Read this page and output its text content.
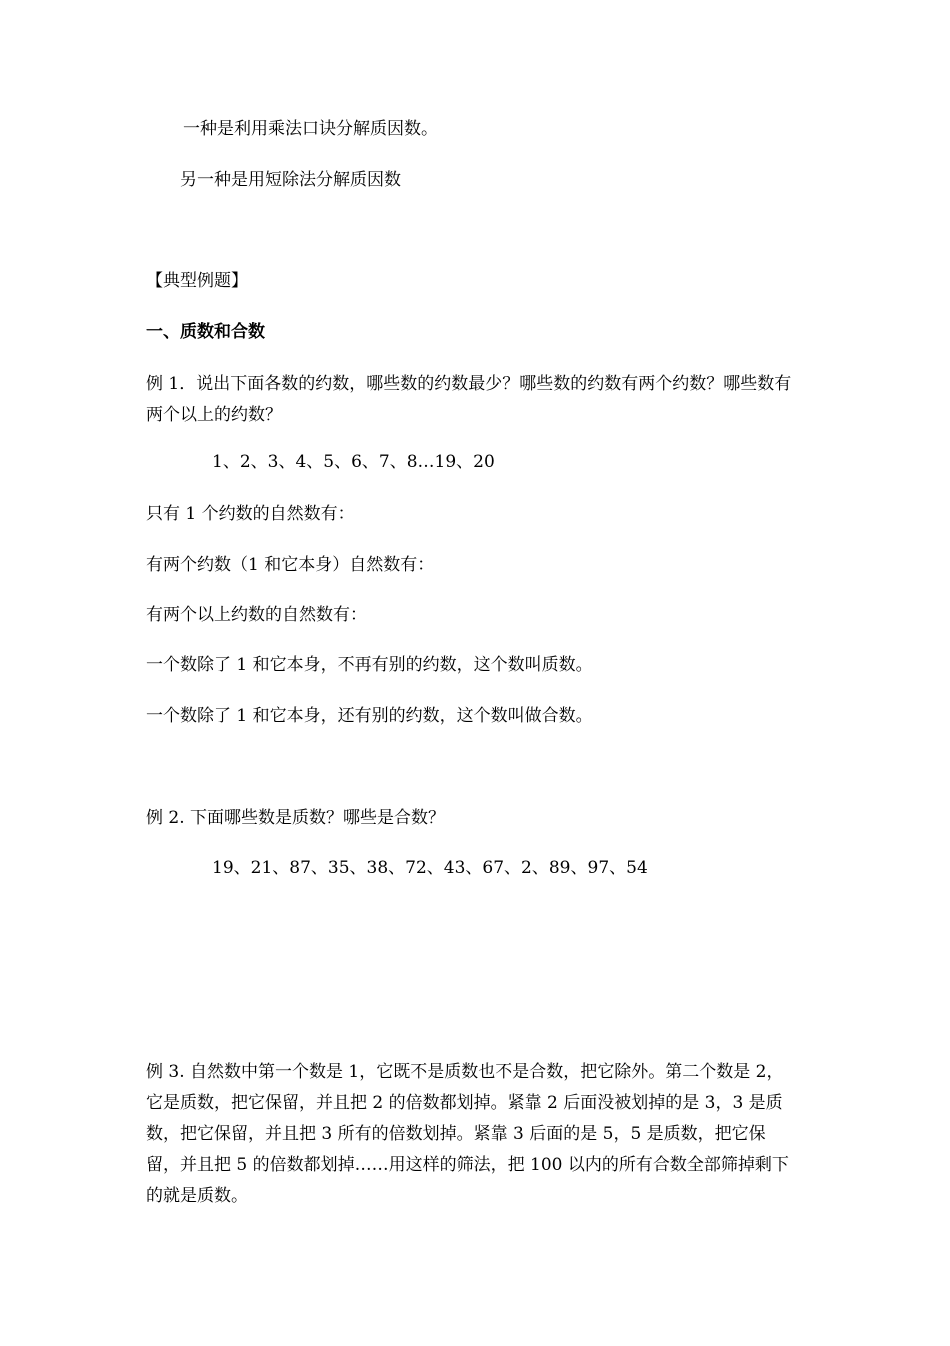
一种是利用乘法口诀分解质因数。
另一种是用短除法分解质因数
【典型例题】
一、质数和合数
例 1．说出下面各数的约数，哪些数的约数最少？哪些数的约数有两个约数？哪些数有两个以上的约数？
1、2、3、4、5、6、7、8…19、20
只有 1 个约数的自然数有：
有两个约数（1 和它本身）自然数有：
有两个以上约数的自然数有：
一个数除了 1 和它本身，不再有别的约数，这个数叫质数。
一个数除了 1 和它本身，还有别的约数，这个数叫做合数。
例 2. 下面哪些数是质数？哪些是合数？
19、21、87、35、38、72、43、67、2、89、97、54
例 3. 自然数中第一个数是 1，它既不是质数也不是合数，把它除外。第二个数是 2，它是质数，把它保留，并且把 2 的倍数都划掉。紧靠 2 后面没被划掉的是 3，3 是质数，把它保留，并且把 3 所有的倍数划掉。紧靠 3 后面的是 5，5 是质数，把它保留，并且把 5 的倍数都划掉……用这样的筛法，把 100 以内的所有合数全部筛掉剩下的就是质数。
